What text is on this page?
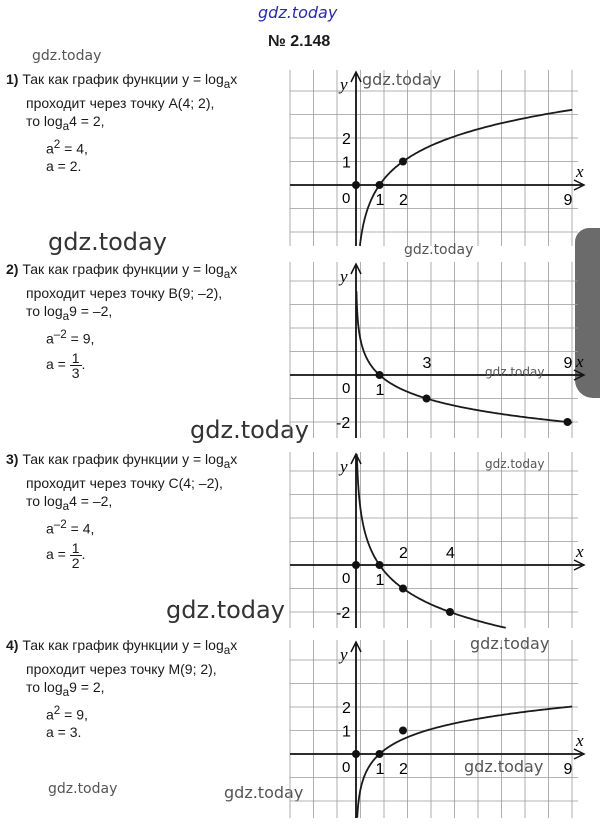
gdz.today
№ 2.148
gdz.today
gdz.today
gdz.today
gdz.today
gdz.today	gdz.today
1) Так как график функции $y = \log_ax$
проходит через точку A(4; 2),
то $\log_a4 = 2$,
$a^2 = 4$,
a = 2.
2) Так как график функции $y = \log_ax$
проходит через точку B(9; –2),
то $\log_a9 = -2$,
$a^{-2} = 9$,
$a = \frac{1}{3}$ .
3) Так как график функции $y = \log_ax$
проходит через точку C(4; –2),
то $\log_a4 = -2$,
$a^{-2} = 4$,
$a = \frac{1}{2}$ .
4) Так как график функции $y = \log_ax$
проходит через точку M(9; 2),
то $\log_a9 = 2$,
$a^2 = 9$,
a = 3.
x
y
0 1 2	9
1
2
x
y
0 1
3	9
-2
x
y
0 1
2 4
-2
x
y
0 1 2	9
1
2
gdz.today
gdz.today
gdz.today
gdz.today
gdz.today
gdz.today
